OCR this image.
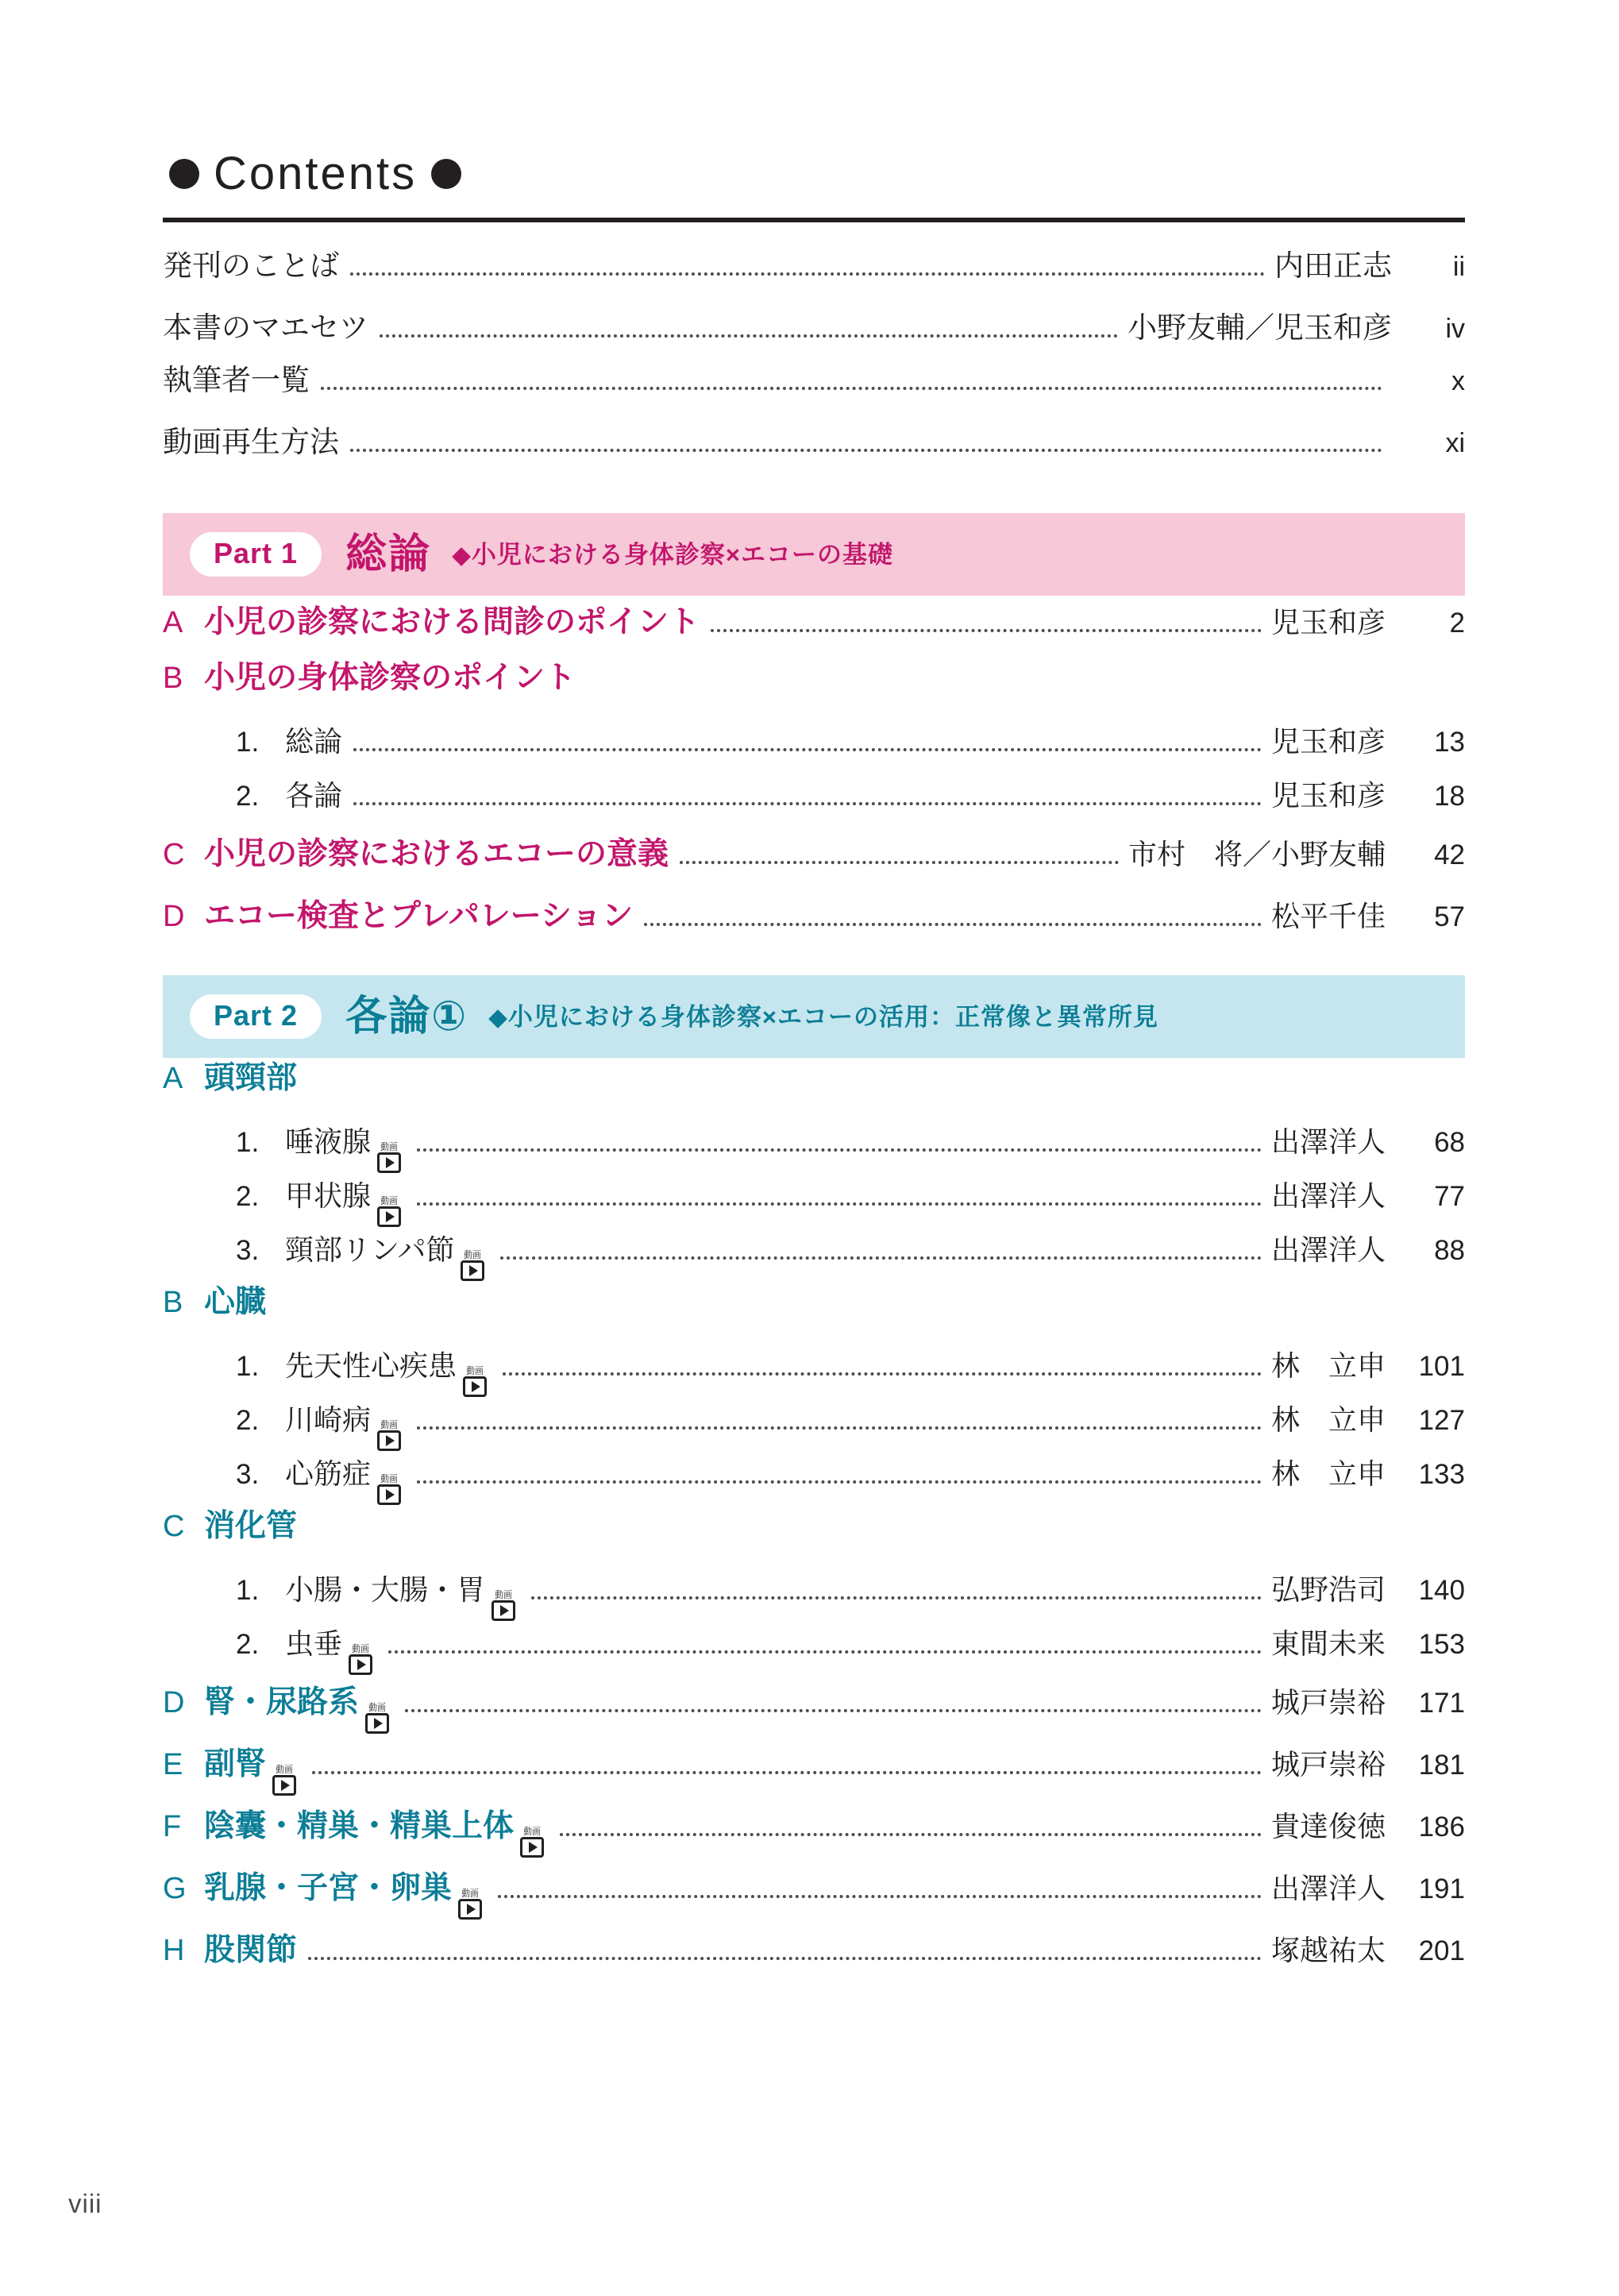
Contents
発刊のことば	内田正志	ii
本書のマエセツ	小野友輔／児玉和彦	iv
執筆者一覧	x
動画再生方法	xi
Part 1	総論 ◆小児における身体診察×エコーの基礎
A 小児の診察における問診のポイント	児玉和彦	2
B 小児の身体診察のポイント
1. 総論	児玉和彦	13
2. 各論	児玉和彦	18
C 小児の診察におけるエコーの意義	市村　将／小野友輔	42
D エコー検査とプレパレーション	松平千佳	57
Part 2	各論① ◆小児における身体診察×エコーの活用：正常像と異常所見
A 頭頸部
1. 唾液腺 動画	出澤洋人	68
2. 甲状腺 動画	出澤洋人	77
3. 頸部リンパ節 動画	出澤洋人	88
B 心臓
1. 先天性心疾患 動画	林　立申	101
2. 川崎病 動画	林　立申	127
3. 心筋症 動画	林　立申	133
C 消化管
1. 小腸・大腸・胃 動画	弘野浩司	140
2. 虫垂 動画	東間未来	153
D 腎・尿路系 動画	城戸崇裕	171
E 副腎 動画	城戸崇裕	181
F 陰囊・精巣・精巣上体 動画	貴達俊徳	186
G 乳腺・子宮・卵巣 動画	出澤洋人	191
H 股関節	塚越祐太	201
viii
